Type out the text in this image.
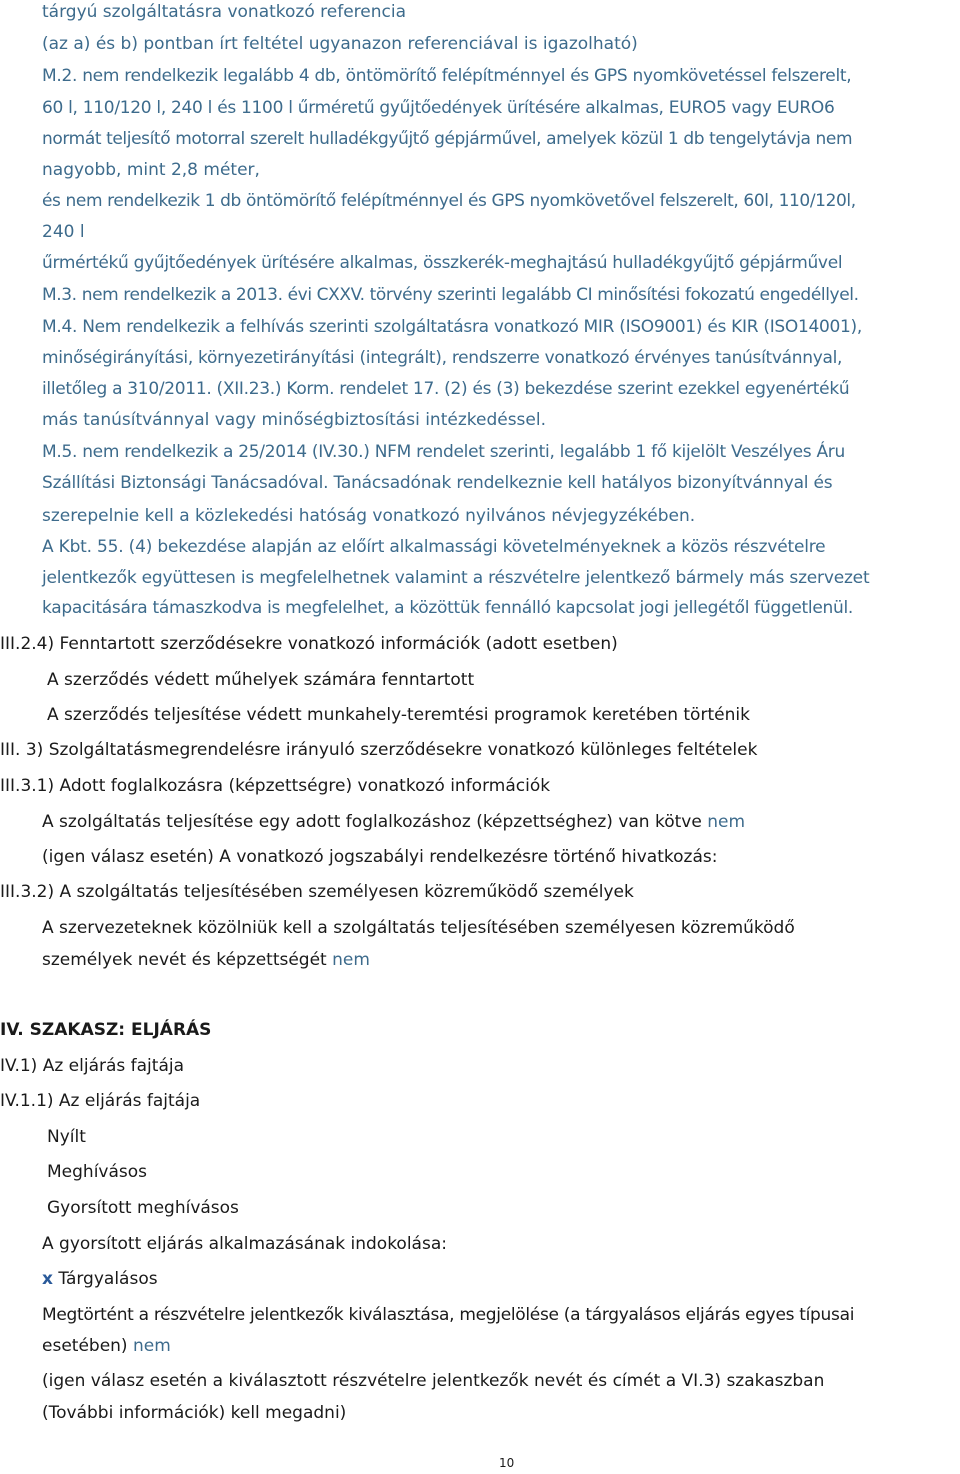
tárgyú szolgáltatásra vonatkozó referencia
(az a) és b) pontban írt feltétel ugyanazon referenciával is igazolható)
M.2. nem rendelkezik legalább 4 db, öntömörítő felépítménnyel és GPS nyomkövetéssel felszerelt,
60 l, 110/120 l, 240 l és 1100 l űrméretű gyűjtőedények ürítésére alkalmas, EURO5 vagy EURO6
normát teljesítő motorral szerelt hulladékgyűjtő gépjárművel, amelyek közül 1 db tengelytávja nem
nagyobb, mint 2,8 méter,
és nem rendelkezik 1 db öntömörítő felépítménnyel és GPS nyomkövetővel felszerelt, 60l, 110/120l,
240 l
űrmértékű gyűjtőedények ürítésére alkalmas, összkerék-meghajtású hulladékgyűjtő gépjárművel
M.3. nem rendelkezik a 2013. évi CXXV. törvény szerinti legalább CI minősítési fokozatú engedéllyel.
M.4. Nem rendelkezik a felhívás szerinti szolgáltatásra vonatkozó MIR (ISO9001) és KIR (ISO14001),
minőségirányítási, környezetirányítási (integrált), rendszerre vonatkozó érvényes tanúsítvánnyal,
illetőleg a 310/2011. (XII.23.) Korm. rendelet 17. (2) és (3) bekezdése szerint ezekkel egyenértékű
más tanúsítvánnyal vagy minőségbiztosítási intézkedéssel.
M.5. nem rendelkezik a 25/2014 (IV.30.) NFM rendelet szerinti, legalább 1 fő kijelölt Veszélyes Áru
Szállítási Biztonsági Tanácsadóval. Tanácsadónak rendelkeznie kell hatályos bizonyítvánnyal és
szerepelnie kell a közlekedési hatóság vonatkozó nyilvános névjegyzékében.
A Kbt. 55. (4) bekezdése alapján az előírt alkalmassági követelményeknek a közös részvételre
jelentkezők együttesen is megfelelhetnek valamint a részvételre jelentkező bármely más szervezet
kapacitására támaszkodva is megfelelhet, a közöttük fennálló kapcsolat jogi jellegétől függetlenül.
III.2.4) Fenntartott szerződésekre vonatkozó információk (adott esetben)
A szerződés védett műhelyek számára fenntartott
A szerződés teljesítése védett munkahely-teremtési programok keretében történik
III. 3) Szolgáltatásmegrendelésre irányuló szerződésekre vonatkozó különleges feltételek
III.3.1) Adott foglalkozásra (képzettségre) vonatkozó információk
A szolgáltatás teljesítése egy adott foglalkozáshoz (képzettséghez) van kötve nem
(igen válasz esetén) A vonatkozó jogszabályi rendelkezésre történő hivatkozás:
III.3.2) A szolgáltatás teljesítésében személyesen közreműködő személyek
A szervezeteknek közölniük kell a szolgáltatás teljesítésében személyesen közreműködő
személyek nevét és képzettségét nem
IV. SZAKASZ: ELJÁRÁS
IV.1) Az eljárás fajtája
IV.1.1) Az eljárás fajtája
Nyílt
Meghívásos
Gyorsított meghívásos
A gyorsított eljárás alkalmazásának indokolása:
x Tárgyalásos
Megtörtént a részvételre jelentkezők kiválasztása, megjelölése (a tárgyalásos eljárás egyes típusai
esetében) nem
(igen válasz esetén a kiválasztott részvételre jelentkezők nevét és címét a VI.3) szakaszban
(További információk) kell megadni)
10
